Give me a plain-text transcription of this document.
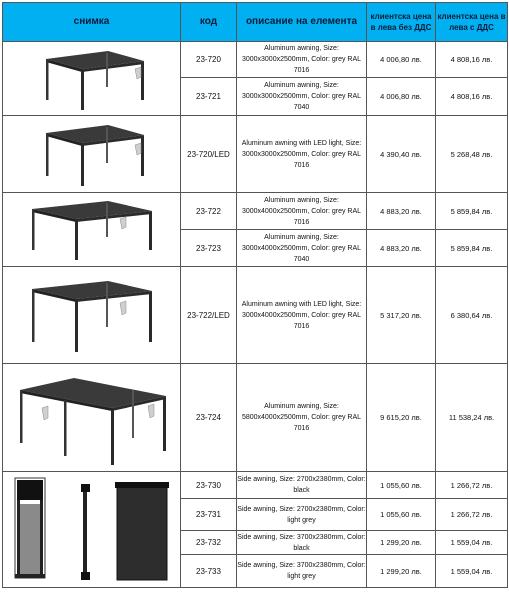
снимка	код	описание на елемента	клиентска цена в лева без ДДС	клиентска цена в лева с ДДС

	23-720	Aluminum awning, Size: 3000x3000x2500mm, Color: grey RAL 7016	4 006,80 лв.	4 808,16 лв.
	23-721	Aluminum awning, Size: 3000x3000x2500mm, Color: grey RAL 7040	4 006,80 лв.	4 808,16 лв.

	23-720/LED	Aluminum awning with LED light, Size: 3000x3000x2500mm, Color: grey RAL 7016	4 390,40 лв.	5 268,48 лв.

	23-722	Aluminum awning, Size: 3000x4000x2500mm, Color: grey RAL 7016	4 883,20 лв.	5 859,84 лв.
	23-723	Aluminum awning, Size: 3000x4000x2500mm, Color: grey RAL 7040	4 883,20 лв.	5 859,84 лв.

	23-722/LED	Aluminum awning with LED light, Size: 3000x4000x2500mm, Color: grey RAL 7016	5 317,20 лв.	6 380,64 лв.

	23-724	Aluminum awning, Size: 5800x4000x2500mm, Color: grey RAL 7016	9 615,20 лв.	11 538,24 лв.

	23-730	Side awning, Size: 2700x2380mm, Color: black	1 055,60 лв.	1 266,72 лв.
	23-731	Side awning, Size: 2700x2380mm, Color: light grey	1 055,60 лв.	1 266,72 лв.
	23-732	Side awning, Size: 3700x2380mm, Color: black	1 299,20 лв.	1 559,04 лв.
	23-733	Side awning, Size: 3700x2380mm, Color: light grey	1 299,20 лв.	1 559,04 лв.
